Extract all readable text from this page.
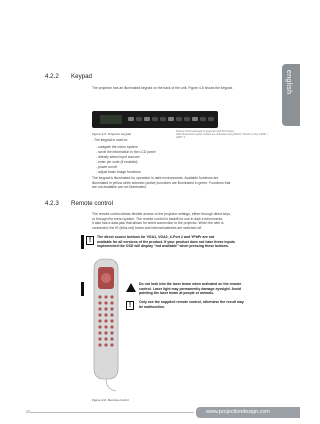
english
4.2.2 Keypad
The projector has an illuminated keypad on the back of the unit. Figure 4-5 shows the keypad.
Figure 4-5. Projector keypad
Picture show keyboard of projector with DVI board.
LED illumination pattern below are indicated using BOLD. Shown in the 4.3WF "- LIMP" b.
- The keypad is used to:
- navigate the menu system
- scroll the information in the LCD panel
- directly select input sources
- enter pin code (if enabled)
- power on/off
- adjust basic image functions
The keypad is illuminated for operation in dark environments. Available functions are
illuminated in yellow while selected (active) functions are illuminated in green. Functions that
are not available are not illuminated.
4.2.3 Remote control
The remote control allows flexible access to the projector settings, either through direct keys,
or through the menu system. The remote control is backlit for use in dark environments.
It also has a data-jack that allows for wired connection to the projector. When the wire is
connected, the IR (infra-red) beam and internal batteries are switched off.
!	The direct source buttons for VGA1, VGA2, X-Port 2 and YPbPr are not
available for all versions of the product. If your product does not have these inputs
implemented the OSD will display "not available" when pressing these buttons.
Do not look into the laser beam when activated on the remote
control. Laser light may permanently damage eyesight. Avoid
pointing the laser beam at people or animals.
!	Only use the supplied remote control, otherwise the result may
be malfunction.
Figure 4-6. Remote control
17	www.projectiondesign.com
